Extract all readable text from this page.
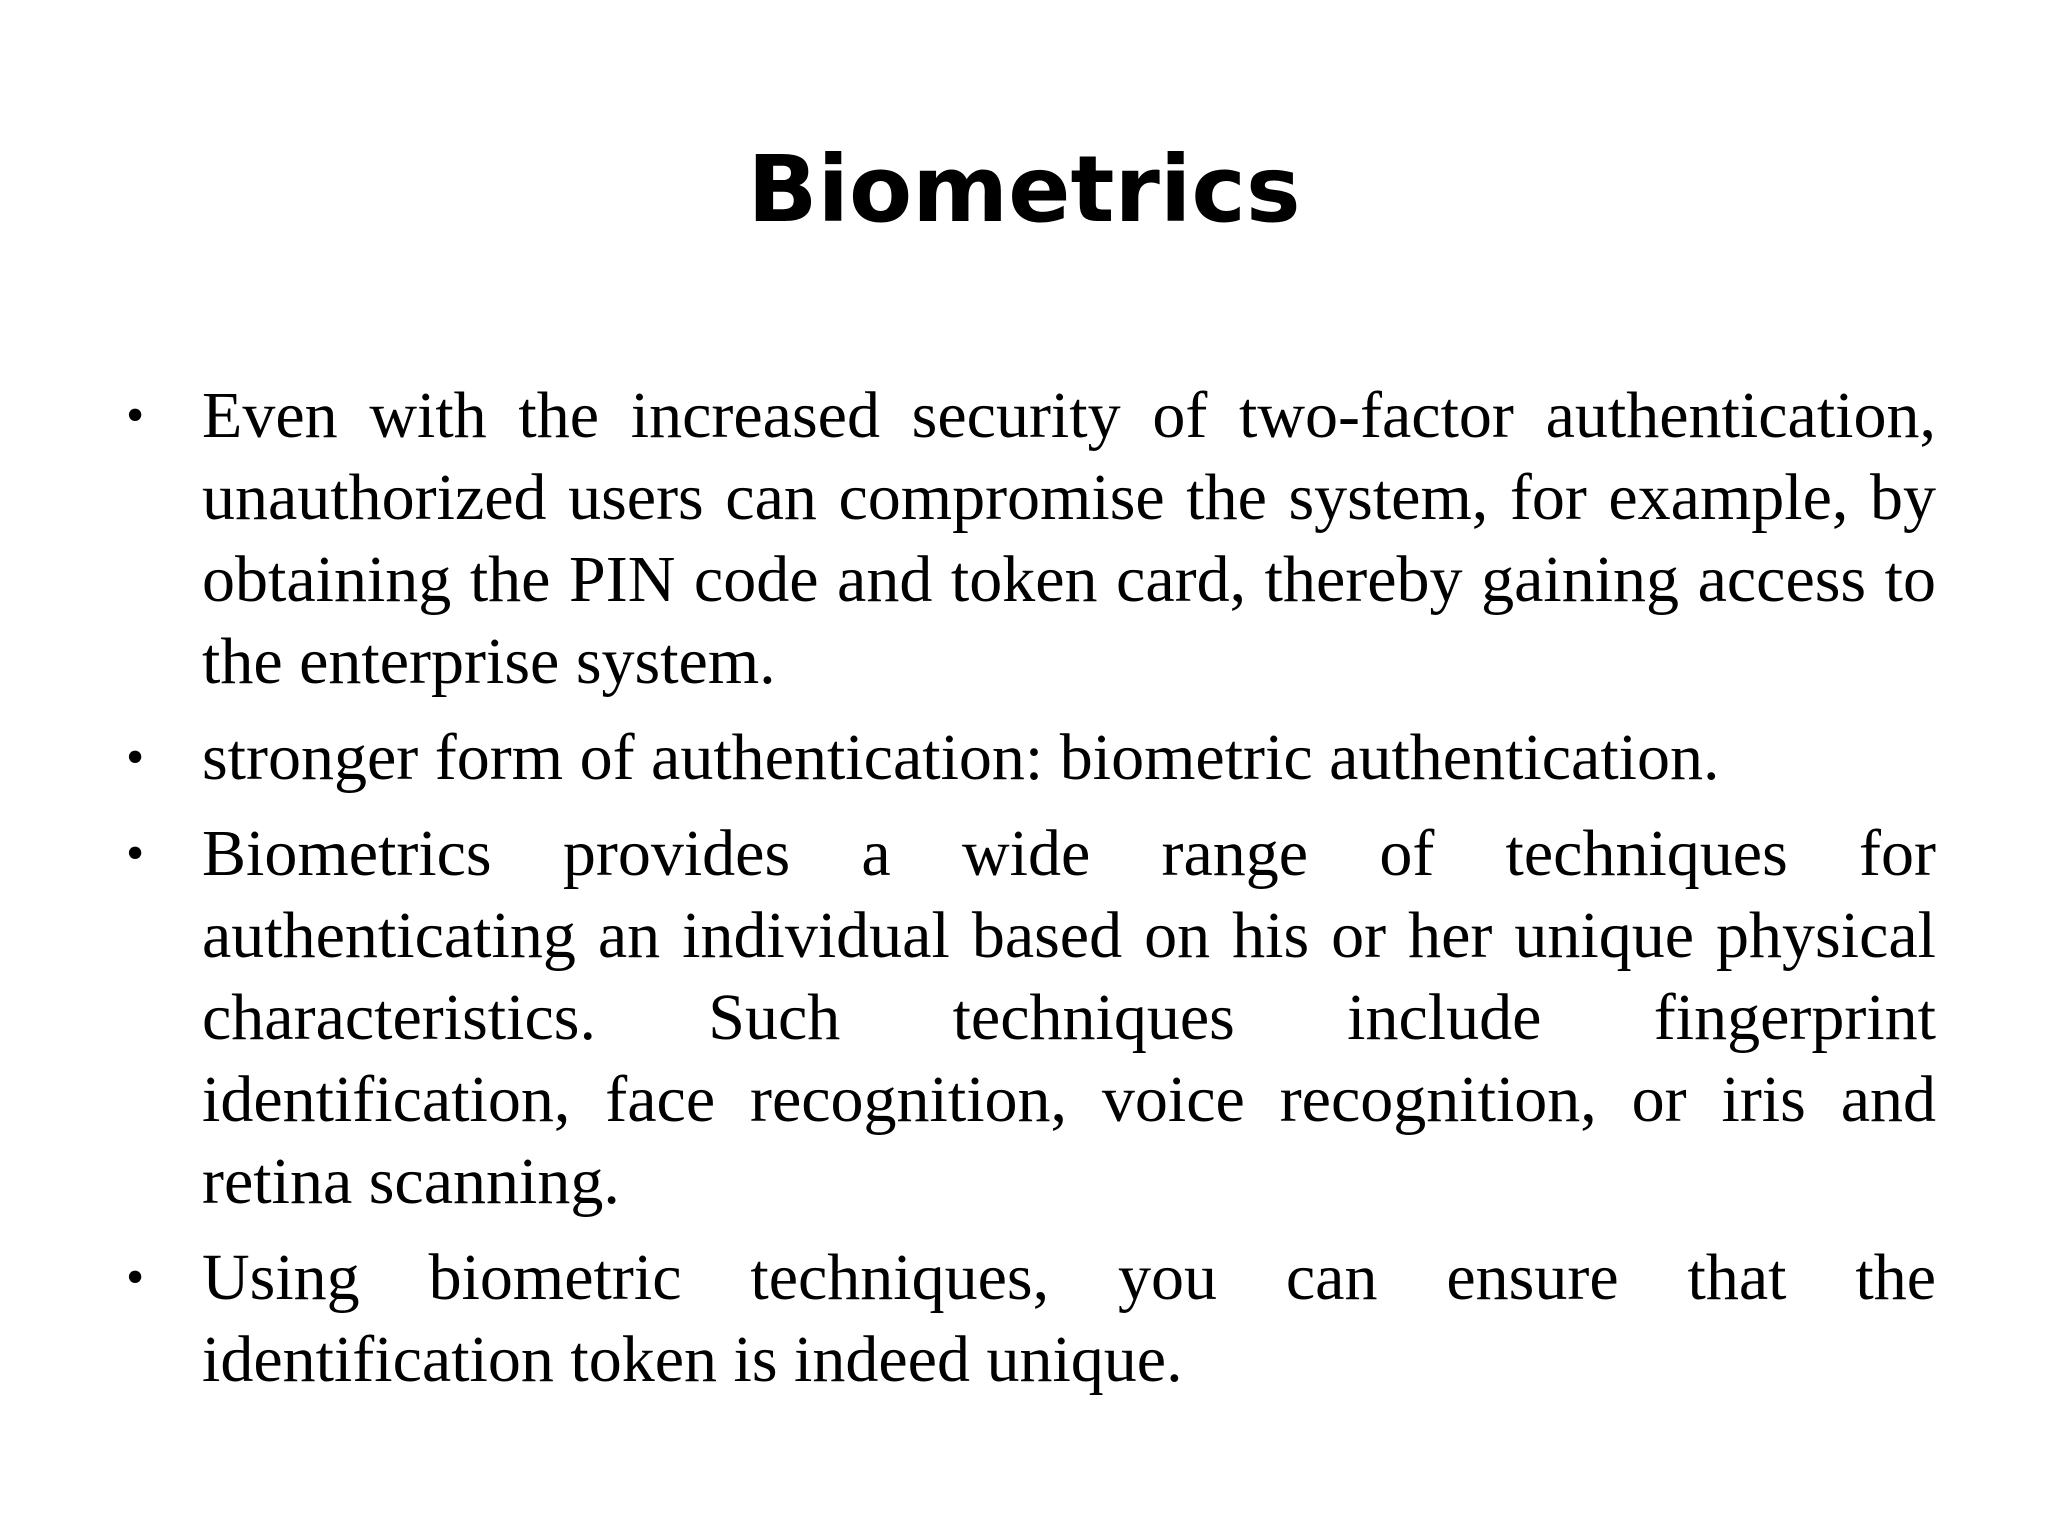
Biometrics
• Even with the increased security of two-factor authentication, unauthorized users can compromise the system, for example, by obtaining the PIN code and token card, thereby gaining access to the enterprise system.
• stronger form of authentication: biometric authentication.
• Biometrics provides a wide range of techniques for authenticating an individual based on his or her unique physical characteristics. Such techniques include fingerprint identification, face recognition, voice recognition, or iris and retina scanning.
• Using biometric techniques, you can ensure that the identification token is indeed unique.
